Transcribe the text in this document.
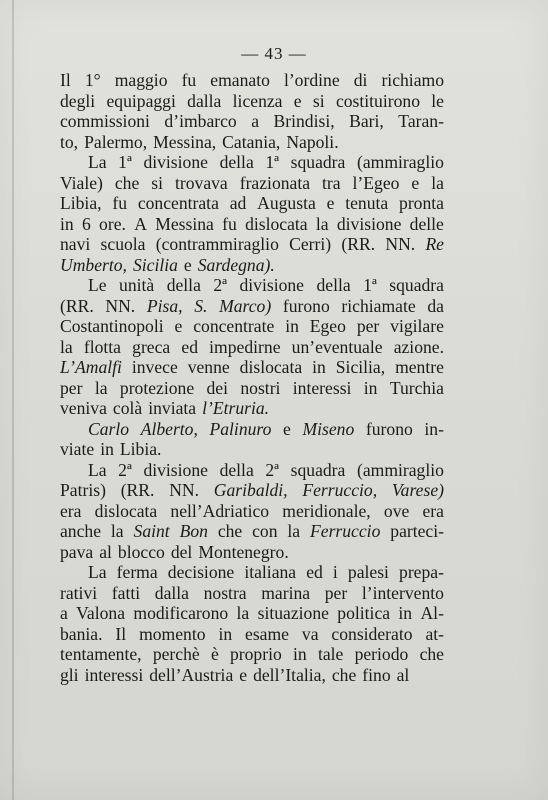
— 43 —
Il 1° maggio fu emanato l’ordine di richiamo
degli equipaggi dalla licenza e si costituirono le
commissioni d’imbarco a Brindisi, Bari, Taran-
to, Palermo, Messina, Catania, Napoli.
La 1ª divisione della 1ª squadra (ammiraglio
Viale) che si trovava frazionata tra l’Egeo e la
Libia, fu concentrata ad Augusta e tenuta pronta
in 6 ore. A Messina fu dislocata la divisione delle
navi scuola (contrammiraglio Cerri) (RR. NN. Re
Umberto, Sicilia e Sardegna).
Le unità della 2ª divisione della 1ª squadra
(RR. NN. Pisa, S. Marco) furono richiamate da
Costantinopoli e concentrate in Egeo per vigilare
la flotta greca ed impedirne un’eventuale azione.
L’Amalfi invece venne dislocata in Sicilia, mentre
per la protezione dei nostri interessi in Turchia
veniva colà inviata l’Etruria.
Carlo Alberto, Palinuro e Miseno furono in-
viate in Libia.
La 2ª divisione della 2ª squadra (ammiraglio
Patris) (RR. NN. Garibaldi, Ferruccio, Varese)
era dislocata nell’Adriatico meridionale, ove era
anche la Saint Bon che con la Ferruccio parteci-
pava al blocco del Montenegro.
La ferma decisione italiana ed i palesi prepa-
rativi fatti dalla nostra marina per l’intervento
a Valona modificarono la situazione politica in Al-
bania. Il momento in esame va considerato at-
tentamente, perchè è proprio in tale periodo che
gli interessi dell’Austria e dell’Italia, che fino al
